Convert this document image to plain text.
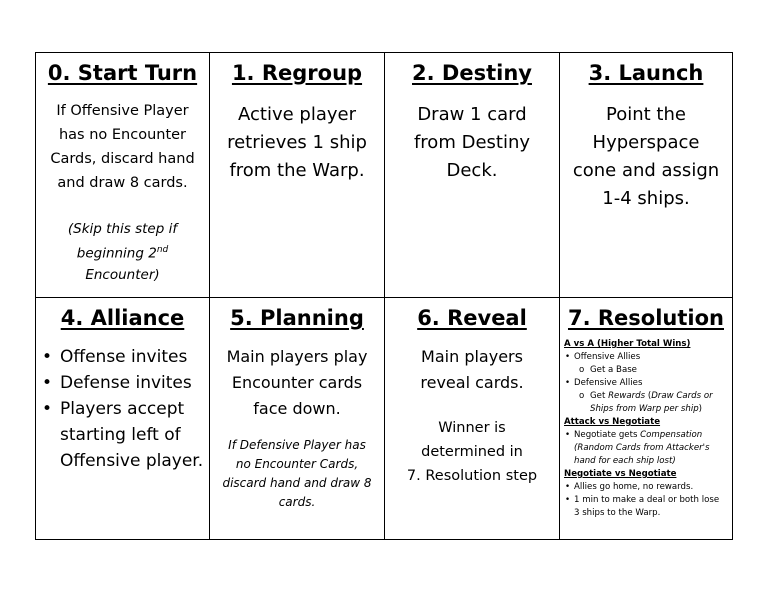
0. Start Turn
If Offensive Player
has no Encounter
Cards, discard hand
and draw 8 cards.
(Skip this step if
beginning 2nd
Encounter)
1. Regroup
Active player
retrieves 1 ship
from the Warp.
2. Destiny
Draw 1 card
from Destiny
Deck.
3. Launch
Point the
Hyperspace
cone and assign
1-4 ships.
4. Alliance
• Offense invites
• Defense invites
• Players accept starting left of Offensive player.
5. Planning
Main players play
Encounter cards
face down.
If Defensive Player has
no Encounter Cards,
discard hand and draw 8
cards.
6. Reveal
Main players
reveal cards.
Winner is
determined in
7. Resolution step
7. Resolution
A vs A (Higher Total Wins)
• Offensive Allies
o Get a Base
• Defensive Allies
o Get Rewards (Draw Cards or
Ships from Warp per ship)
Attack vs Negotiate
• Negotiate gets Compensation
(Random Cards from Attacker's
hand for each ship lost)
Negotiate vs Negotiate
• Allies go home, no rewards.
• 1 min to make a deal or both lose
3 ships to the Warp.
